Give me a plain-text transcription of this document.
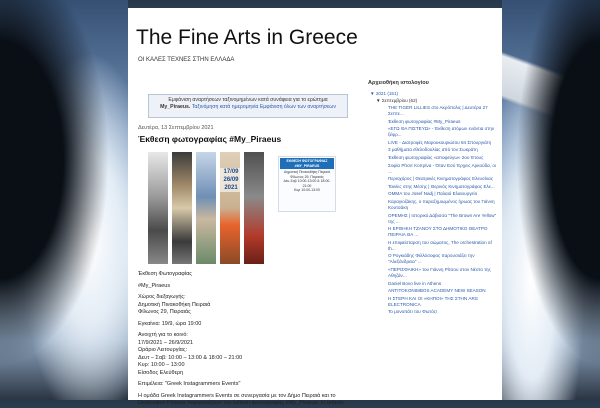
The Fine Arts in Greece
ΟΙ ΚΑΛΕΣ ΤΕΧΝΕΣ ΣΤΗΝ ΕΛΛΑΔΑ
Εμφάνιση αναρτήσεων ταξινομημένων κατά συνάφεια για το ερώτημα
My_Piraeus. Ταξινόμηση κατά ημερομηνία Εμφάνιση όλων των αναρτήσεων
Δευτέρα, 13 Σεπτεμβρίου 2021
Έκθεση φωτογραφίας #My_Piraeus
17/09
26/09
2021
ΕΚΘΕΣΗ ΦΩΤΟΓΡΑΦΙΑΣ #MY_PIRAEUS
Δημοτική Πινακοθήκη Πειραιά
Φίλωνος 29, Πειραιάς
Δευ-Σαβ 10:00-13:00 & 18:00-21:00
Κυρ 10:00-13:00
Έκθεση Φωτογραφίας
#My_Piraeus
Χώρος διεξαγωγής:
Δημοτική Πινακοθήκη Πειραιά
Φίλωνος 29, Πειραιάς
Εγκαίνια: 19/9, ώρα 19:00
Ανοιχτή για το κοινό:
17/9/2021 – 26/9/2021
Ωράριο Λειτουργίας:
Δευτ – Σαβ: 10:00 – 13:00 & 18:00 – 21:00
Κυρ: 10:00 – 13:00
Είσοδος Ελεύθερη
Επιμέλεια: "Greek Instagrammers Events"
Η ομάδα Greek Instagrammers Events σε συνεργασία με τον Δήμο Πειραιά και το
Destination Piraeus παρουσιάζουν την έκθεση φωτογραφίας #My_Piraeus. Η έκθεση
Αρχειοθήκη ιστολογίου
▼ 2021 (151)
▼ Σεπτεμβρίου (62)
THE TIGER LILLIES στο Ακρόπολις | Δευτέρα 27 Σεπτε...
Έκθεση φωτογραφίας #My_Piraeus
«ΕΓΩ ΘΑ ΠΙΣΤΕΥΩ» - Έκθεση ατόμων ενάντια στην ξέφρ...
LIVE - Διατροφές Μαρουκουριώτου 84 Σπουργιάτη
3 μαθήματα εθελοδουλίας από τον Σωκράτη
Έκθεση φωτογραφίας «αποφεύγω» 2ου Έτους
Σοφία Ρίτσιτ Κοπρίνα - Όταν Εσύ Έρχεις Αρκούδα, οι ...
Περιοχόρος | Θεατρικές Κινηματογράφος Ελευσίνας
Ταινίες στης Μέσης | Θερινός Κινηματογράφος Ελε...
ΟΜΜΑ του Josef Nadj | Παλαιό Ελαιουργείο
Καραγιοζάκης, ο παραζημιωμένος ήρωας του Γιάννη Κουτσάκη
ΟΡΕΜΗΣ | Ιστορικό Δάβισσα "The Brown Are Yellow" της ...
Η ΕΡΘΗΚΗ ΤΖΑΝΟΥ ΣΤΟ ΔΗΜΟΤΙΚΟ ΘΕΑΤΡΟ ΠΕΙΡΑΙΑ ΘΑ ...
Η επιφαίσταρση του σώματος, The orchestration of th...
Ο Ρογκιάδης Φιλλόσοφος παρουσιάζει την "Αλεξάνδρεια" ...
«ΠΕΡΙΣΦΑΙΚΗ» του Γιάννη Ρίτσου στον Νέστο της Αθηζάν...
Daniel Bovo live in Athens
ANTITOKONIMBOS ACADEMY NEW SEASON
Η ΣΤΕΡΗ ΚΑΙ ΟΙ «ΚΗΠΟΙ» ΤΗΣ ΣΤΗΝ ARS ELECTRONICA
Το μονοπάτι του Φωτός!
